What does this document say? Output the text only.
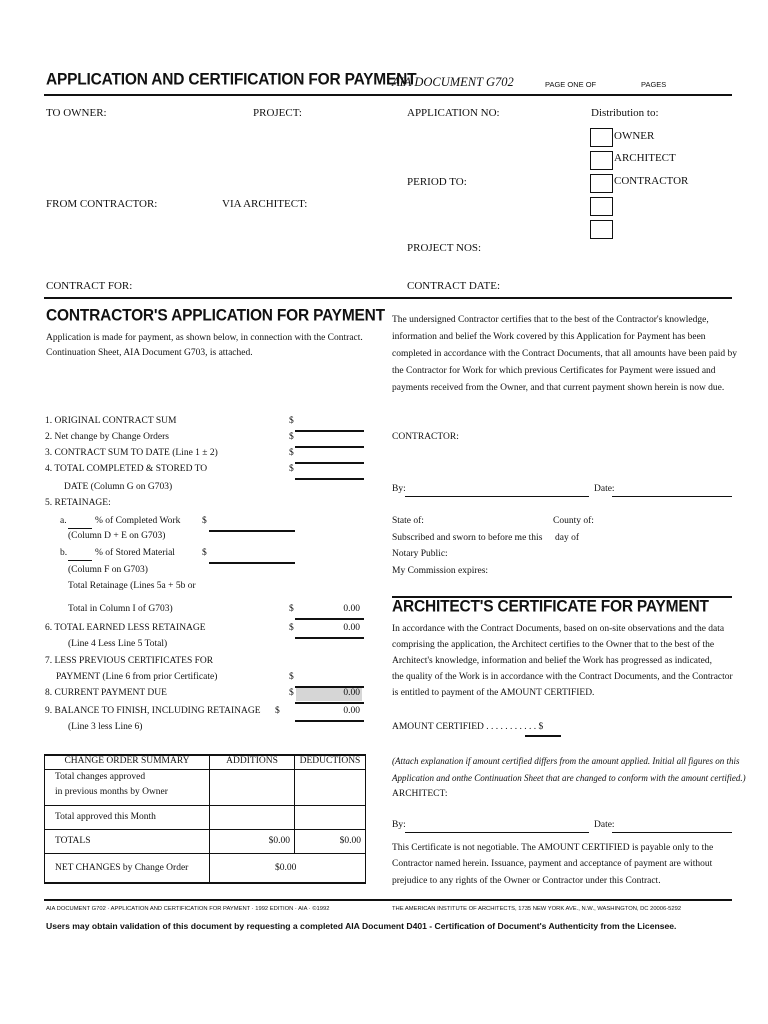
APPLICATION AND CERTIFICATION FOR PAYMENT
AIA DOCUMENT G702	PAGE ONE OF	PAGES
TO OWNER:	PROJECT:	APPLICATION NO:	Distribution to:
OWNER
ARCHITECT
CONTRACTOR
PERIOD TO:
FROM CONTRACTOR:	VIA ARCHITECT:
PROJECT NOS:
CONTRACT FOR:	CONTRACT DATE:
CONTRACTOR'S APPLICATION FOR PAYMENT
Application is made for payment, as shown below, in connection with the Contract.
Continuation Sheet, AIA Document G703, is attached.
1. ORIGINAL CONTRACT SUM	$
2. Net change by Change Orders	$
3. CONTRACT SUM TO DATE (Line 1 ± 2)	$
4. TOTAL COMPLETED & STORED TO	$
DATE (Column G on G703)
5. RETAINAGE:
a.	% of Completed Work $
(Column D + E on G703)
b.	% of Stored Material	$
(Column F on G703)
Total Retainage (Lines 5a + 5b or
Total in Column I of G703)	$	0.00
6. TOTAL EARNED LESS RETAINAGE	$	0.00
(Line 4 Less Line 5 Total)
7. LESS PREVIOUS CERTIFICATES FOR
PAYMENT (Line 6 from prior Certificate)	$
8. CURRENT PAYMENT DUE	$	0.00
9. BALANCE TO FINISH, INCLUDING RETAINAGE $	0.00
(Line 3 less Line 6)
CHANGE ORDER SUMMARY	ADDITIONS	DEDUCTIONS
Total changes approved
in previous months by Owner		
Total approved this Month		
TOTALS	$0.00	$0.00
NET CHANGES by Change Order	$0.00	
The undersigned Contractor certifies that to the best of the Contractor's knowledge,
information and belief the Work covered by this Application for Payment has been
completed in accordance with the Contract Documents, that all amounts have been paid by
the Contractor for Work for which previous Certificates for Payment were issued and
payments received from the Owner, and that current payment shown herein is now due.
CONTRACTOR:
By:	Date:
State of:	County of:
Subscribed and sworn to before me this day of
Notary Public:
My Commission expires:
ARCHITECT'S CERTIFICATE FOR PAYMENT
In accordance with the Contract Documents, based on on-site observations and the data
comprising the application, the Architect certifies to the Owner that to the best of the
Architect's knowledge, information and belief the Work has progressed as indicated,
the quality of the Work is in accordance with the Contract Documents, and the Contractor
is entitled to payment of the AMOUNT CERTIFIED.
AMOUNT CERTIFIED . . . . . . . . . . . $
(Attach explanation if amount certified differs from the amount applied. Initial all figures on this
Application and onthe Continuation Sheet that are changed to conform with the amount certified.)
ARCHITECT:
By:	Date:
This Certificate is not negotiable. The AMOUNT CERTIFIED is payable only to the
Contractor named herein. Issuance, payment and acceptance of payment are without
prejudice to any rights of the Owner or Contractor under this Contract.
AIA DOCUMENT G702 · APPLICATION AND CERTIFICATION FOR PAYMENT · 1992 EDITION · AIA · ©1992	THE AMERICAN INSTITUTE OF ARCHITECTS, 1735 NEW YORK AVE., N.W., WASHINGTON, DC 20006-5292
Users may obtain validation of this document by requesting a completed AIA Document D401 - Certification of Document's Authenticity from the Licensee.
